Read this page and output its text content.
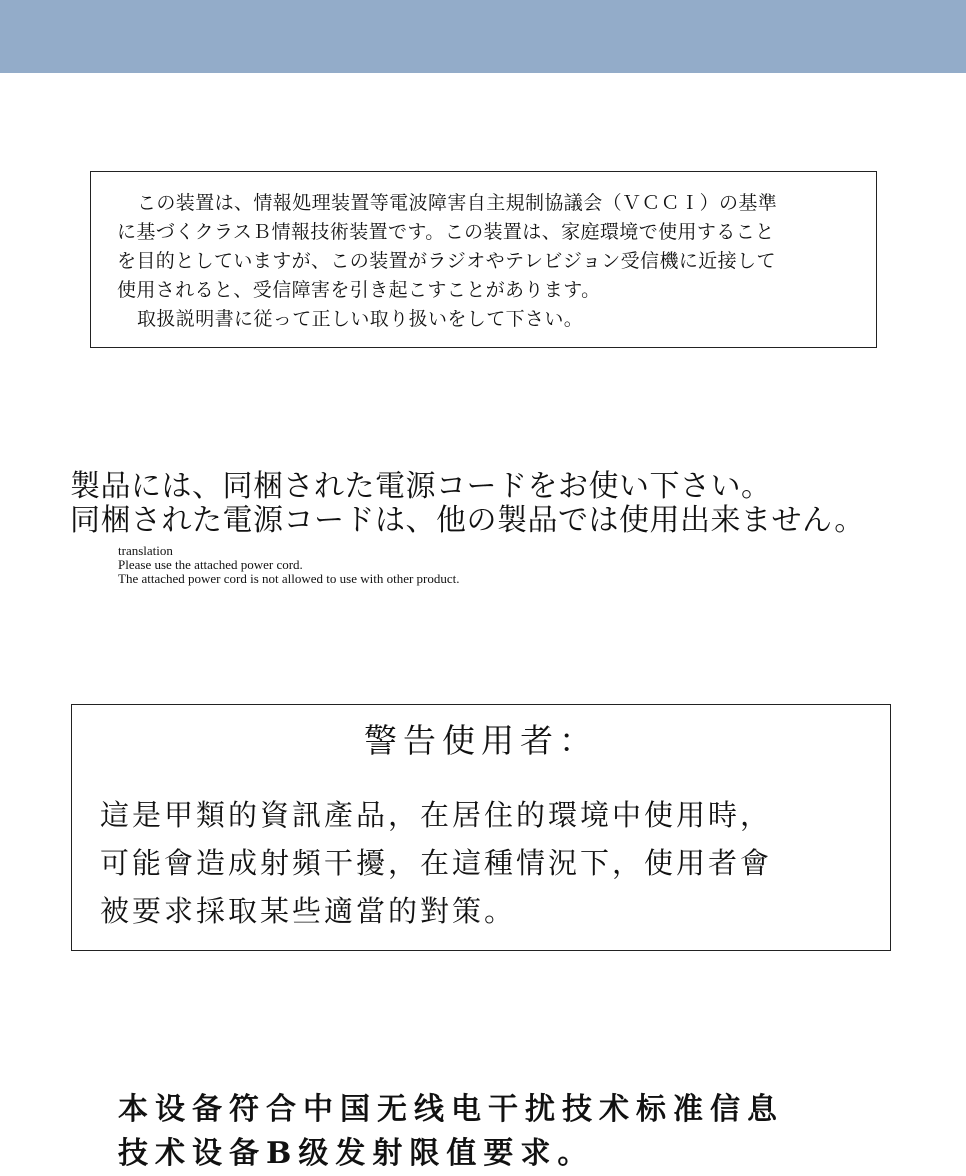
この装置は、情報処理装置等電波障害自主規制協議会（ＶＣＣＩ）の基準
に基づくクラスＢ情報技術装置です。この装置は、家庭環境で使用すること
を目的としていますが、この装置がラジオやテレビジョン受信機に近接して
使用されると、受信障害を引き起こすことがあります。
取扱説明書に従って正しい取り扱いをして下さい。
製品には、同梱された電源コードをお使い下さい。
同梱された電源コードは、他の製品では使用出来ません。
translation
Please use the attached power cord.
The attached power cord is not allowed to use with other product.
警告使用者：
這是甲類的資訊產品，在居住的環境中使用時，
可能會造成射頻干擾，在這種情況下，使用者會
被要求採取某些適當的對策。
本设备符合中国无线电干扰技术标准信息
技术设备B级发射限值要求。
